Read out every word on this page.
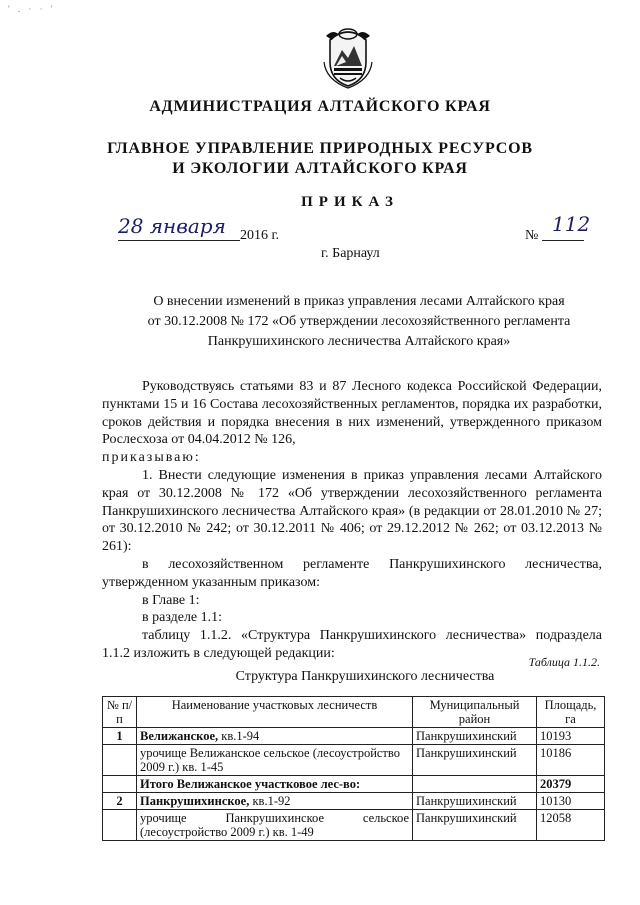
' . · · '
АДМИНИСТРАЦИЯ АЛТАЙСКОГО КРАЯ
ГЛАВНОЕ УПРАВЛЕНИЕ ПРИРОДНЫХ РЕСУРСОВ
И ЭКОЛОГИИ АЛТАЙСКОГО КРАЯ
ПРИКАЗ
28 января 2016 г.	№ 112
г. Барнаул
О внесении изменений в приказ управления лесами Алтайского края
от 30.12.2008 № 172 «Об утверждении лесохозяйственного регламента
Панкрушихинского лесничества Алтайского края»

Руководствуясь статьями 83 и 87 Лесного кодекса Российской Федерации, пунктами 15 и 16 Состава лесохозяйственных регламентов, порядка их разработки, сроков действия и порядка внесения в них изменений, утвержденного приказом Рослесхоза от 04.04.2012 № 126,

приказываю:

1. Внести следующие изменения в приказ управления лесами Алтайского края от 30.12.2008 № 172 «Об утверждении лесохозяйственного регламента Панкрушихинского лесничества Алтайского края» (в редакции от 28.01.2010 № 27; от 30.12.2010 № 242; от 30.12.2011 № 406; от 29.12.2012 № 262; от 03.12.2013 № 261):

в лесохозяйственном регламенте Панкрушихинского лесничества, утвержденном указанным приказом:

в Главе 1:

в разделе 1.1:

таблицу 1.1.2. «Структура Панкрушихинского лесничества» подраздела 1.1.2 изложить в следующей редакции:

Таблица 1.1.2.
Структура Панкрушихинского лесничества
№ п/п	Наименование участковых лесничеств	Муниципальный район	Площадь, га
1	Велижанское, кв.1-94	Панкрушихинский	10193
	урочище Велижанское сельское (лесоустройство 2009 г.) кв. 1-45	Панкрушихинский	10186
	Итого Велижанское участковое лес-во:		20379
2	Панкрушихинское, кв.1-92	Панкрушихинский	10130
	урочище Панкрушихинское сельское (лесоустройство 2009 г.) кв. 1-49	Панкрушихинский	12058
